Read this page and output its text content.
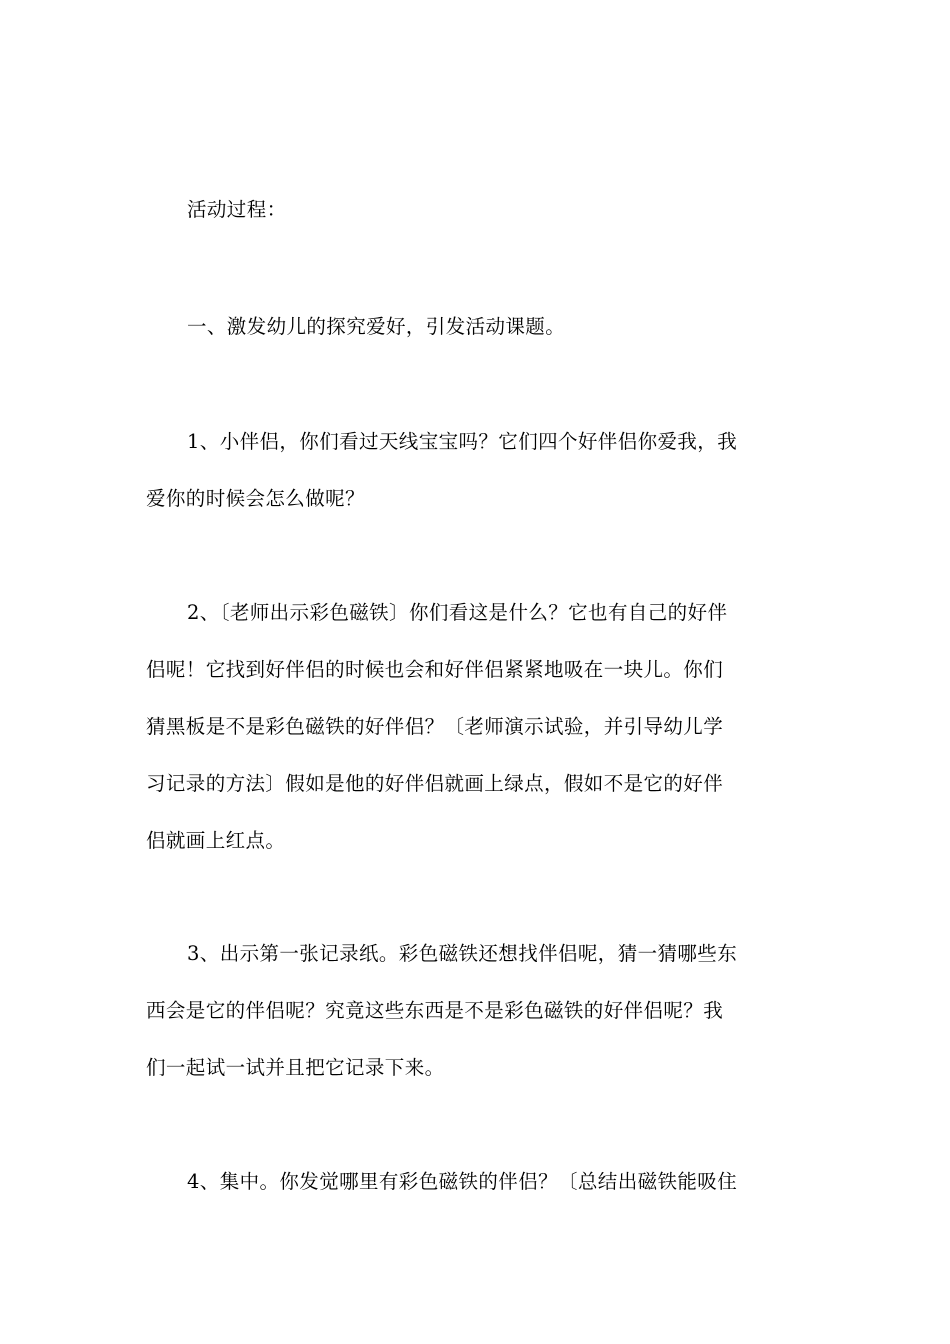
活动过程：
一、激发幼儿的探究爱好，引发活动课题。
1、小伴侣，你们看过天线宝宝吗？它们四个好伴侣你爱我，我
爱你的时候会怎么做呢？
2、〔老师出示彩色磁铁〕你们看这是什么？它也有自己的好伴
侣呢！它找到好伴侣的时候也会和好伴侣紧紧地吸在一块儿。你们
猜黑板是不是彩色磁铁的好伴侣？〔老师演示试验，并引导幼儿学
习记录的方法〕假如是他的好伴侣就画上绿点，假如不是它的好伴
侣就画上红点。
3、出示第一张记录纸。彩色磁铁还想找伴侣呢，猜一猜哪些东
西会是它的伴侣呢？究竟这些东西是不是彩色磁铁的好伴侣呢？我
们一起试一试并且把它记录下来。
4、集中。你发觉哪里有彩色磁铁的伴侣？〔总结出磁铁能吸住
